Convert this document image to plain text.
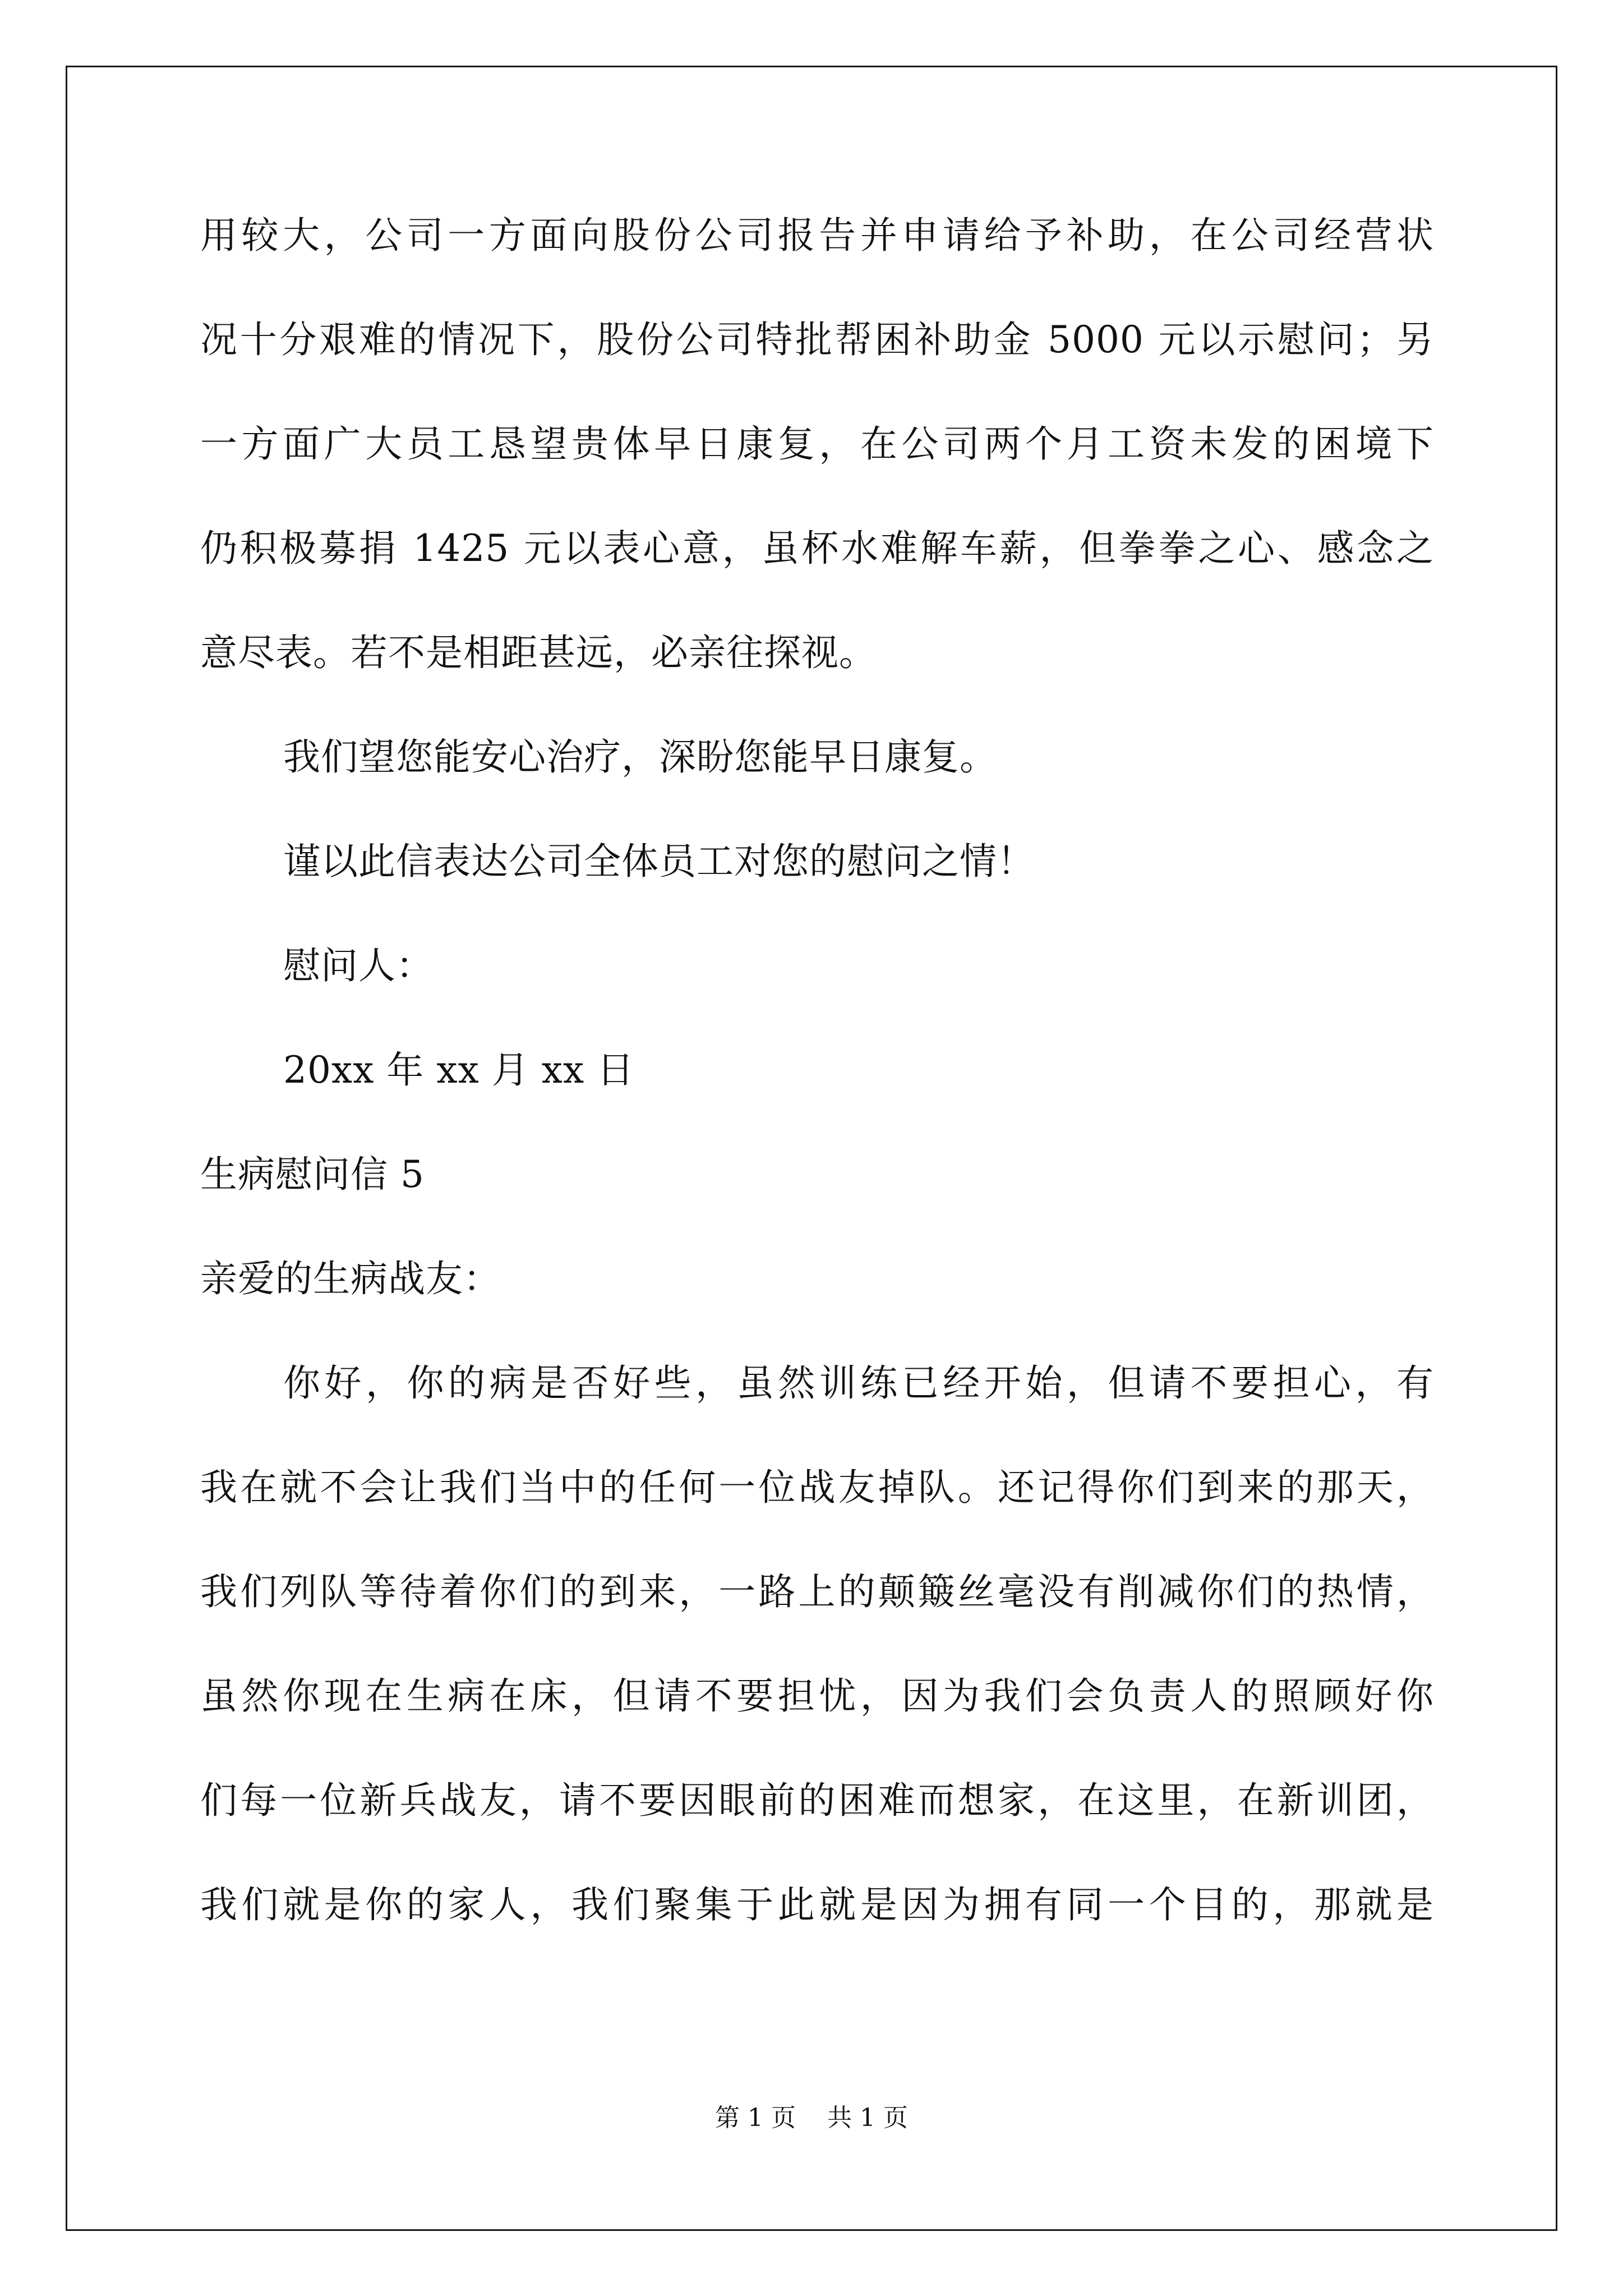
用较大，公司一方面向股份公司报告并申请给予补助，在公司经营状
况十分艰难的情况下，股份公司特批帮困补助金 5000 元以示慰问；另
一方面广大员工恳望贵体早日康复，在公司两个月工资未发的困境下
仍积极募捐 1425 元以表心意，虽杯水难解车薪，但拳拳之心、感念之
意尽表。若不是相距甚远，必亲往探视。
我们望您能安心治疗，深盼您能早日康复。
谨以此信表达公司全体员工对您的慰问之情！
慰问人：
20xx 年 xx 月 xx 日
生病慰问信 5
亲爱的生病战友：
你好，你的病是否好些，虽然训练已经开始，但请不要担心，有
我在就不会让我们当中的任何一位战友掉队。还记得你们到来的那天，
我们列队等待着你们的到来，一路上的颠簸丝毫没有削减你们的热情，
虽然你现在生病在床，但请不要担忧，因为我们会负责人的照顾好你
们每一位新兵战友，请不要因眼前的困难而想家，在这里，在新训团，
我们就是你的家人，我们聚集于此就是因为拥有同一个目的，那就是
第 1 页    共 1 页
